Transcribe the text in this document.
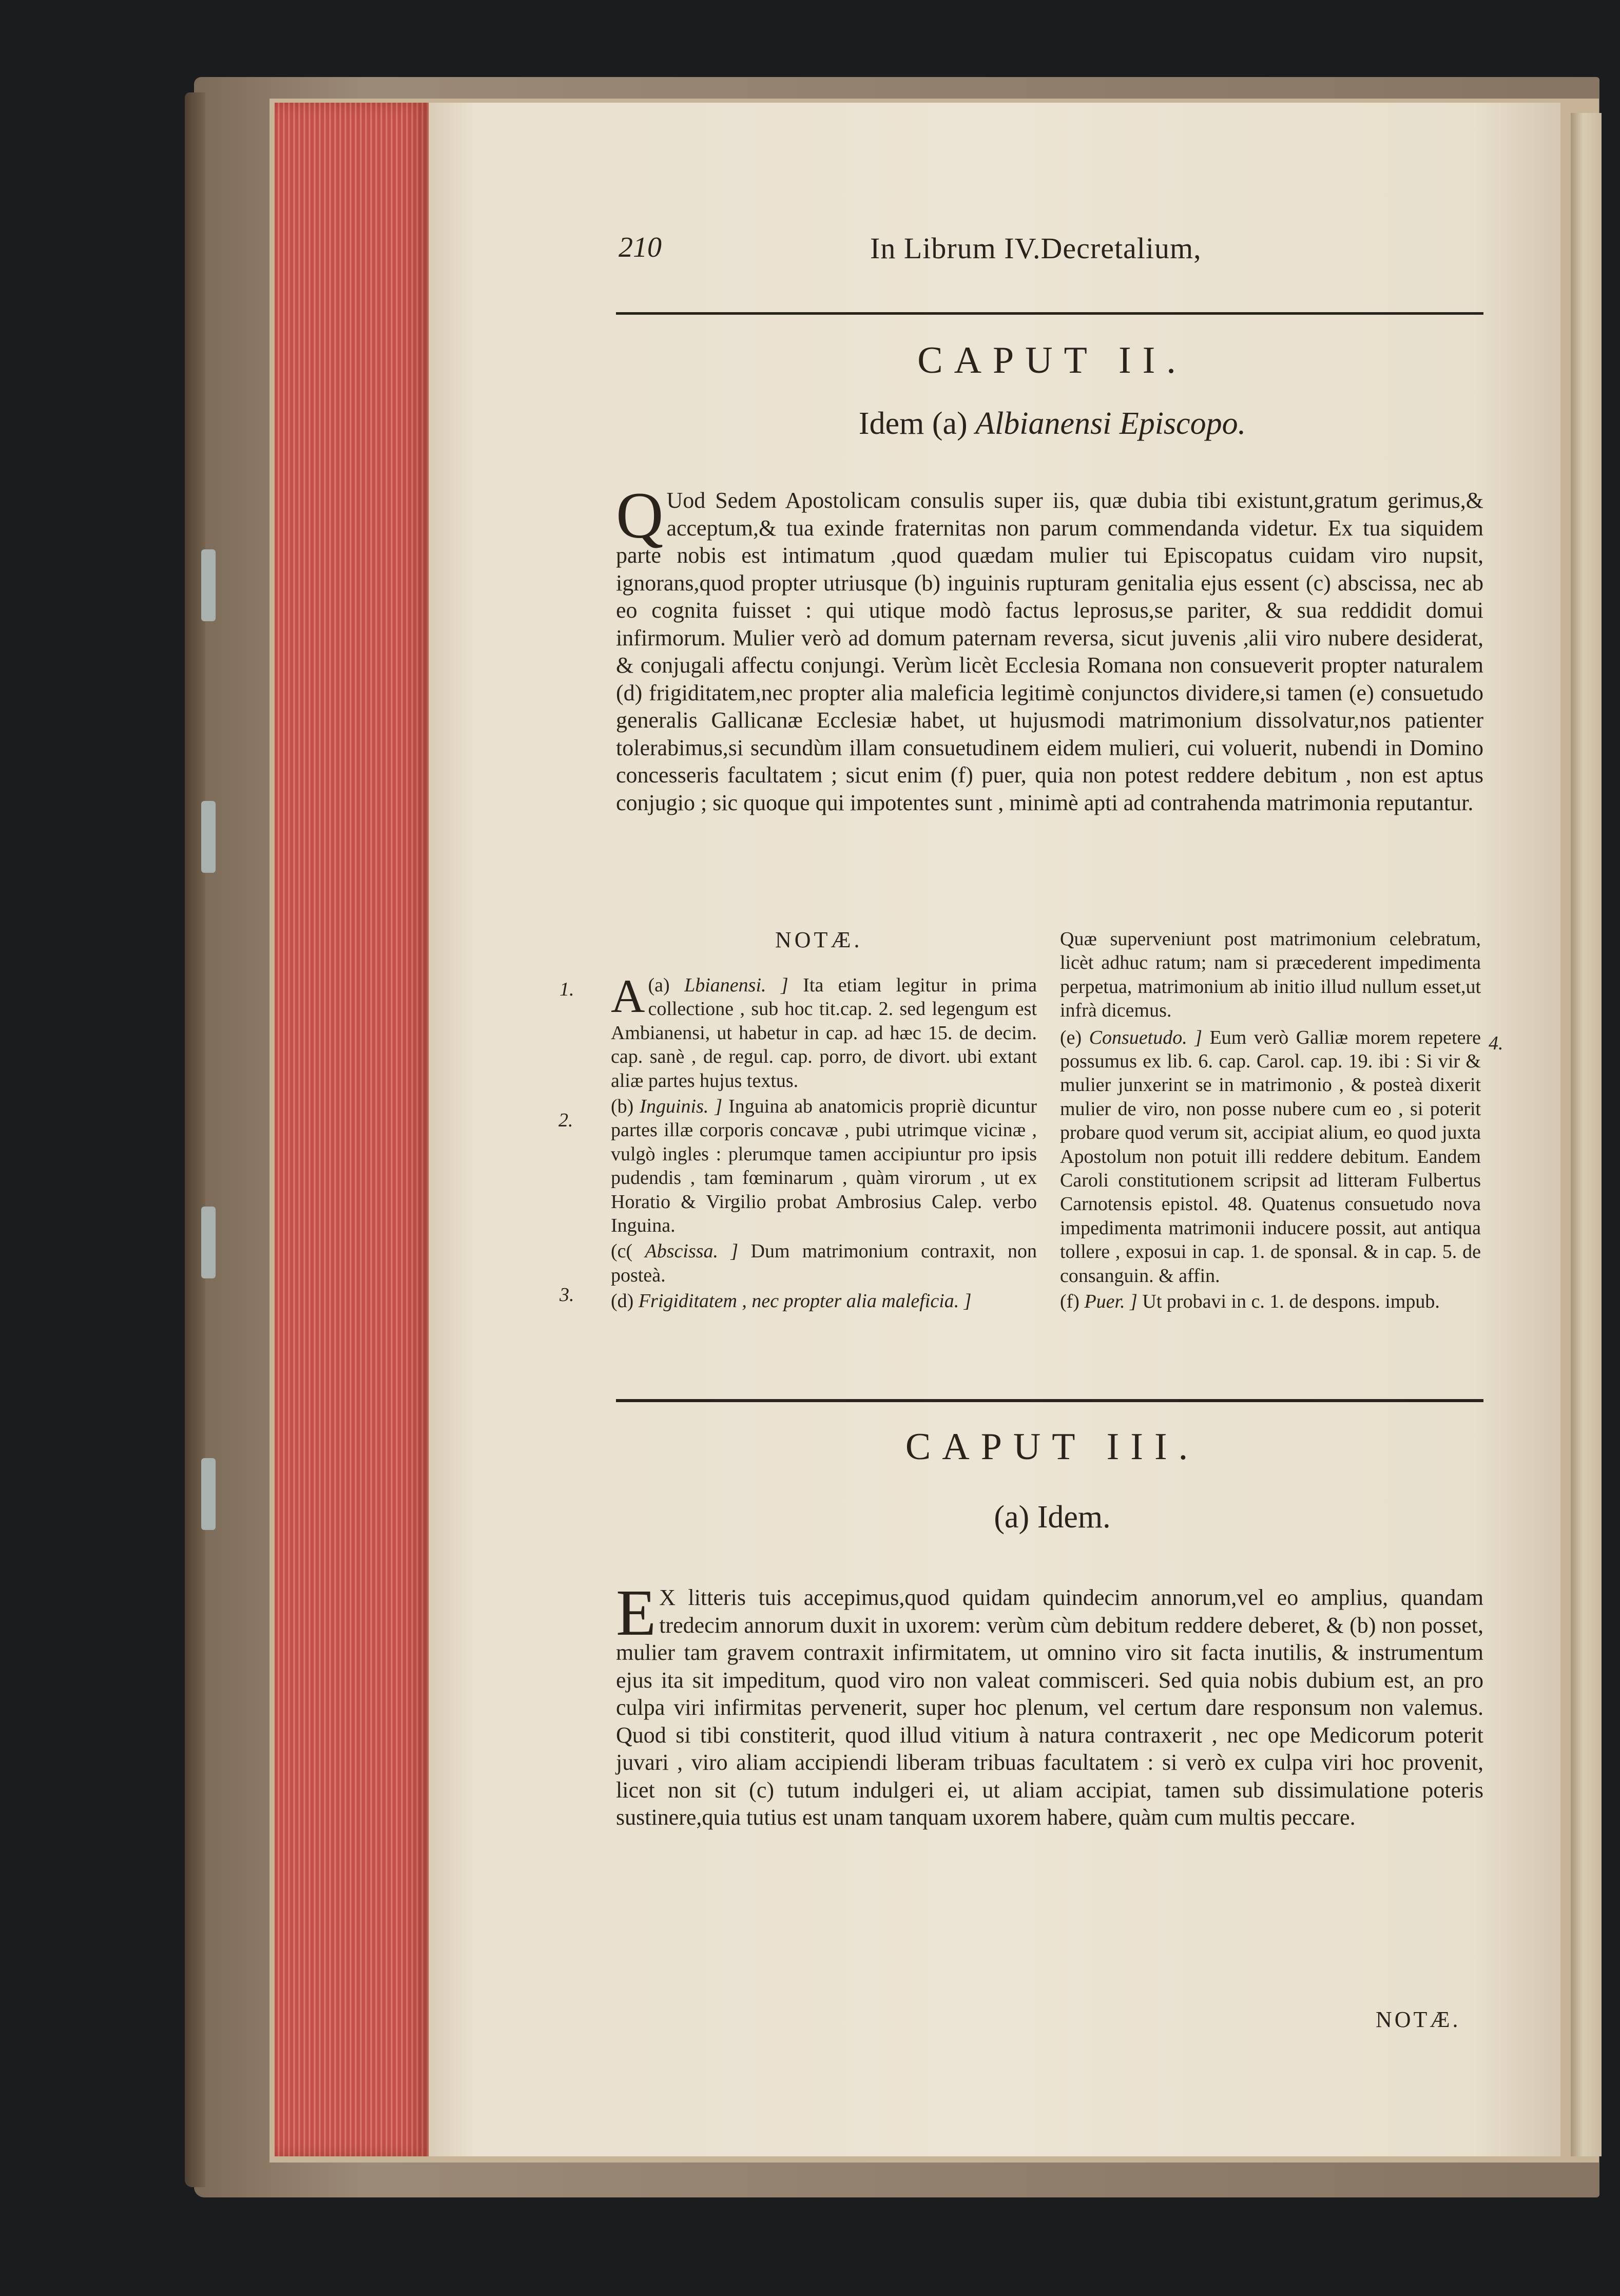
210	In Librum IV.Decretalium,
CAPUT II.
Idem (a) Albianensi Episcopo.
Q Uod Sedem Apostolicam consulis super iis, quæ dubia tibi existunt,gratum gerimus,& acceptum,& tua exinde fraternitas non parum commendanda videtur. Ex tua siquidem parte nobis est intimatum ,quod quædam mulier tui Episcopatus cuidam viro nupsit, ignorans,quod propter utriusque (b) inguinis rupturam genitalia ejus essent (c) abscissa, nec ab eo cognita fuisset : qui utique modò factus leprosus,se pariter, & sua reddidit domui infirmorum. Mulier verò ad domum paternam reversa, sicut juvenis ,alii viro nubere desiderat, & conjugali affectu conjungi. Verùm licèt Ecclesia Romana non consueverit propter naturalem (d) frigiditatem,nec propter alia maleficia legitimè conjunctos dividere,si tamen (e) consuetudo generalis Gallicanæ Ecclesiæ habet, ut hujusmodi matrimonium dissolvatur,nos patienter tolerabimus,si secundùm illam consuetudinem eidem mulieri, cui voluerit, nubendi in Domino concesseris facultatem ; sicut enim (f) puer, quia non potest reddere debitum , non est aptus conjugio ; sic quoque qui impotentes sunt , minimè apti ad contrahenda matrimonia reputantur.
NOTÆ.

(a)
A Lbianensi. ] Ita etiam legitur in prima collectione , sub hoc tit.cap. 2. sed legengum est Ambianensi, ut habetur in cap. ad hæc 15. de decim. cap. sanè , de regul. cap. porro, de divort. ubi extant aliæ partes hujus textus.

(b) Inguinis. ] Inguina ab anatomicis propriè dicuntur partes illæ corporis concavæ , pubi utrimque vicinæ , vulgò ingles : plerumque tamen accipiuntur pro ipsis pudendis , tam fœminarum , quàm virorum , ut ex Horatio & Virgilio probat Ambrosius Calep. verbo Inguina.

(c( Abscissa. ] Dum matrimonium contraxit, non posteà.

(d) Frigiditatem , nec propter alia maleficia. ]

Quæ superveniunt post matrimonium celebratum, licèt adhuc ratum; nam si præcederent impedimenta perpetua, matrimonium ab initio illud nullum esset,ut infrà dicemus.

(e) Consuetudo. ] Eum verò Galliæ morem repetere possumus ex lib. 6. cap. Carol. cap. 19. ibi : Si vir & mulier junxerint se in matrimonio , & posteà dixerit mulier de viro, non posse nubere cum eo , si poterit probare quod verum sit, accipiat alium, eo quod juxta Apostolum non potuit illi reddere debitum. Eandem Caroli constitutionem scripsit ad litteram Fulbertus Carnotensis epistol. 48. Quatenus consuetudo nova impedimenta matrimonii inducere possit, aut antiqua tollere , exposui in cap. 1. de sponsal. & in cap. 5. de consanguin. & affin.

(f) Puer. ] Ut probavi in c. 1. de despons. impub.

1.
2.
3.
4.
CAPUT III.
(a) Idem.
E X litteris tuis accepimus,quod quidam quindecim annorum,vel eo amplius, quandam tredecim annorum duxit in uxorem: verùm cùm debitum reddere deberet, & (b) non posset, mulier tam gravem contraxit infirmitatem, ut omnino viro sit facta inutilis, & instrumentum ejus ita sit impeditum, quod viro non valeat commisceri. Sed quia nobis dubium est, an pro culpa viri infirmitas pervenerit, super hoc plenum, vel certum dare responsum non valemus. Quod si tibi constiterit, quod illud vitium à natura contraxerit , nec ope Medicorum poterit juvari , viro aliam accipiendi liberam tribuas facultatem : si verò ex culpa viri hoc provenit, licet non sit (c) tutum indulgeri ei, ut aliam accipiat, tamen sub dissimulatione poteris sustinere,quia tutius est unam tanquam uxorem habere, quàm cum multis peccare.
NOTÆ.
